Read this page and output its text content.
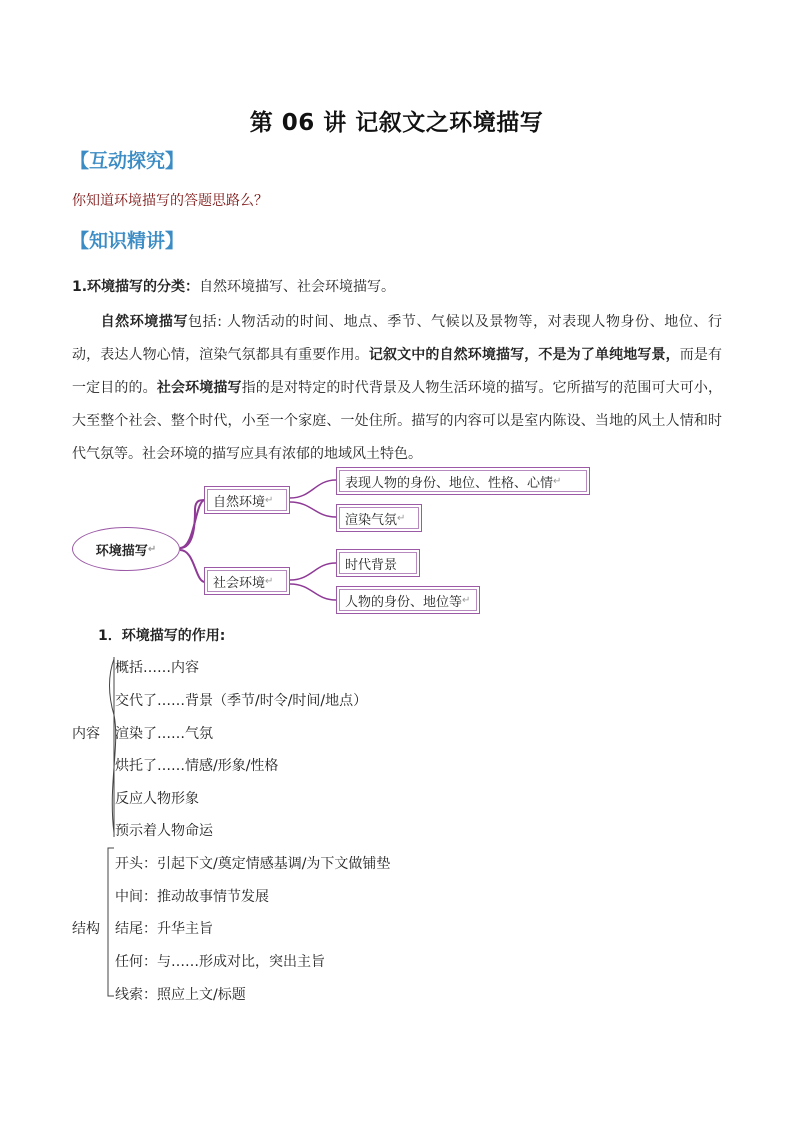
第 06 讲 记叙文之环境描写
【互动探究】
你知道环境描写的答题思路么？
【知识精讲】
1.环境描写的分类：自然环境描写、社会环境描写。
自然环境描写包括: 人物活动的时间、地点、季节、气候以及景物等，对表现人物身份、地位、行动，表达人物心情，渲染气氛都具有重要作用。记叙文中的自然环境描写，不是为了单纯地写景，而是有一定目的的。社会环境描写指的是对特定的时代背景及人物生活环境的描写。它所描写的范围可大可小，大至整个社会、整个时代，小至一个家庭、一处住所。描写的内容可以是室内陈设、当地的风土人情和时代气氛等。社会环境的描写应具有浓郁的地域风土特色。
环境描写 ↵
自然环境 ↵
社会环境 ↵
表现人物的身份、地位、性格、心情 ↵
渲染气氛 ↵
时代背景
人物的身份、地位等 ↵
1．环境描写的作用:
内容
概括……内容
交代了……背景（季节/时令/时间/地点）
渲染了……气氛
烘托了……情感/形象/性格
反应人物形象
预示着人物命运
结构
开头：引起下文/奠定情感基调/为下文做铺垫
中间：推动故事情节发展
结尾：升华主旨
任何：与……形成对比，突出主旨
线索：照应上文/标题
